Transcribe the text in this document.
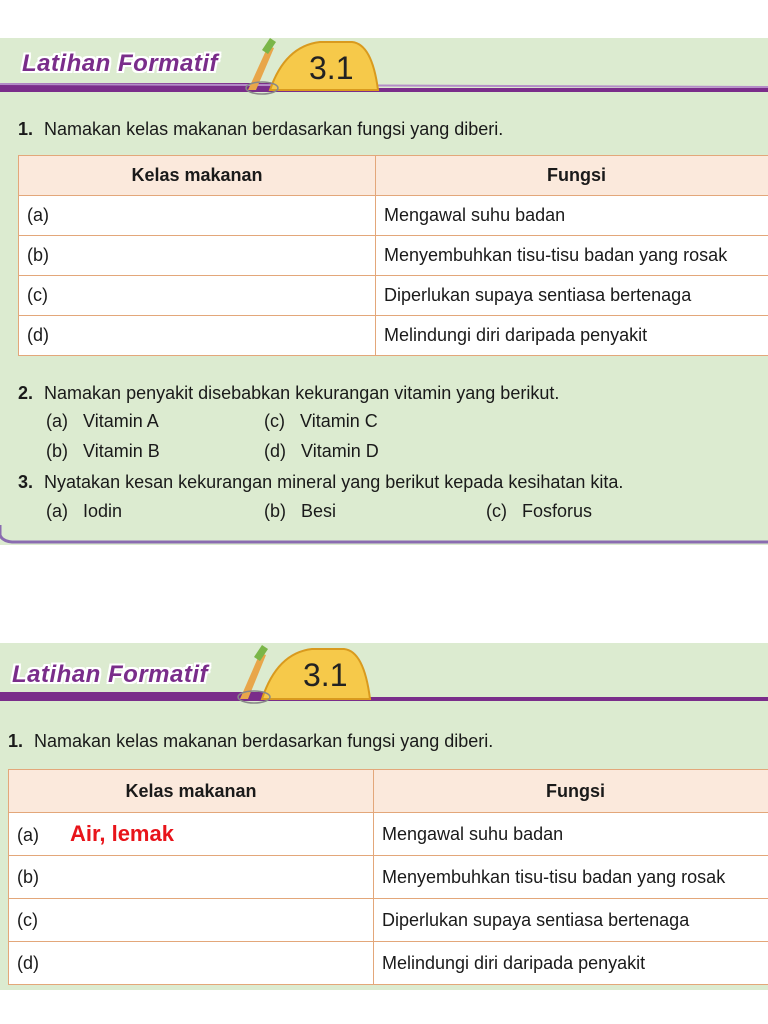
Latihan Formatif	3.1
1. Namakan kelas makanan berdasarkan fungsi yang diberi.
Kelas makanan	Fungsi
(a)	Mengawal suhu badan
(b)	Menyembuhkan tisu-tisu badan yang rosak
(c)	Diperlukan supaya sentiasa bertenaga
(d)	Melindungi diri daripada penyakit
2. Namakan penyakit disebabkan kekurangan vitamin yang berikut.
(a) Vitamin A	(c) Vitamin C
(b) Vitamin B	(d) Vitamin D
3. Nyatakan kesan kekurangan mineral yang berikut kepada kesihatan kita.
(a) Iodin	(b) Besi	(c) Fosforus
Latihan Formatif	3.1
1. Namakan kelas makanan berdasarkan fungsi yang diberi.
Kelas makanan	Fungsi
(a) Air, lemak	Mengawal suhu badan
(b)	Menyembuhkan tisu-tisu badan yang rosak
(c)	Diperlukan supaya sentiasa bertenaga
(d)	Melindungi diri daripada penyakit
